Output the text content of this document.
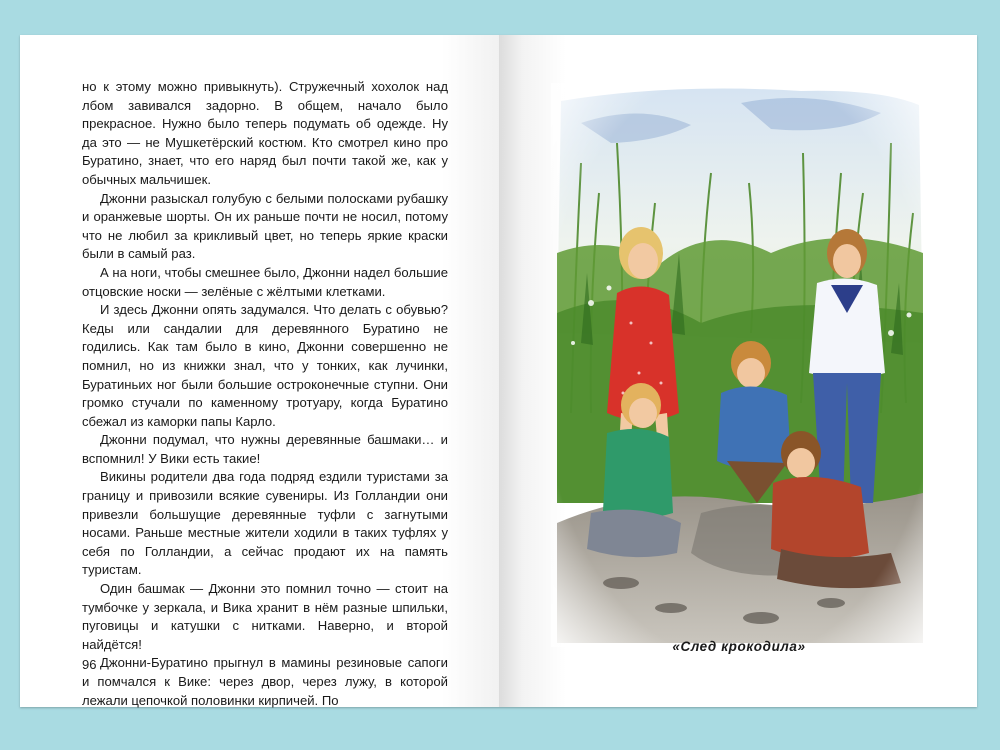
но к этому можно привыкнуть). Стружечный хохолок над лбом завивался задорно. В общем, начало было прекрасное. Нужно было теперь подумать об одежде. Ну да это — не Мушкетёрский костюм. Кто смотрел кино про Буратино, знает, что его наряд был почти такой же, как у обычных мальчишек.

Джонни разыскал голубую с белыми полосками рубашку и оранжевые шорты. Он их раньше почти не носил, потому что не любил за крикливый цвет, но теперь яркие краски были в самый раз.

А на ноги, чтобы смешнее было, Джонни надел большие отцовские носки — зелёные с жёлтыми клетками.

И здесь Джонни опять задумался. Что делать с обувью? Кеды или сандалии для деревянного Буратино не годились. Как там было в кино, Джонни совершенно не помнил, но из книжки знал, что у тонких, как лучинки, Буратиньих ног были большие остроконечные ступни. Они громко стучали по каменному тротуару, когда Буратино сбежал из каморки папы Карло.

Джонни подумал, что нужны деревянные башмаки… и вспомнил! У Вики есть такие!

Викины родители два года подряд ездили туристами за границу и привозили всякие сувениры. Из Голландии они привезли большущие деревянные туфли с загнутыми носами. Раньше местные жители ходили в таких туфлях у себя по Голландии, а сейчас продают их на память туристам.

Один башмак — Джонни это помнил точно — стоит на тумбочке у зеркала, и Вика хранит в нём разные шпильки, пуговицы и катушки с нитками. Наверно, и второй найдётся!

Джонни-Буратино прыгнул в мамины резиновые сапоги и помчался к Вике: через двор, через лужу, в которой лежали цепочкой половинки кирпичей. По

96
«След крокодила»
